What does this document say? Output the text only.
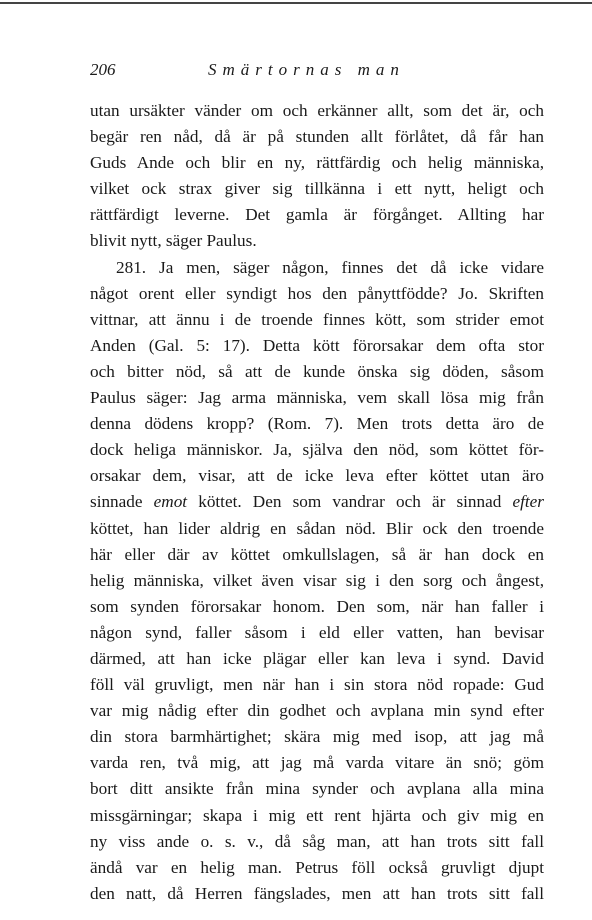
206	Smärtornas man
utan ursäkter vänder om och erkänner allt, som det är, och
begär ren nåd, då är på stunden allt förlåtet, då får han
Guds Ande och blir en ny, rättfärdig och helig människa,
vilket ock strax giver sig tillkänna i ett nytt, heligt och
rättfärdigt leverne. Det gamla är förgånget. Allting har
blivit nytt, säger Paulus.
281. Ja men, säger någon, finnes det då icke vidare
något orent eller syndigt hos den pånyttfödde? Jo. Skriften
vittnar, att ännu i de troende finnes kött, som strider emot
Anden (Gal. 5: 17). Detta kött förorsakar dem ofta stor
och bitter nöd, så att de kunde önska sig döden, såsom
Paulus säger: Jag arma människa, vem skall lösa mig från
denna dödens kropp? (Rom. 7). Men trots detta äro de
dock heliga människor. Ja, själva den nöd, som köttet för-
orsakar dem, visar, att de icke leva efter köttet utan äro
sinnade emot köttet. Den som vandrar och är sinnad efter
köttet, han lider aldrig en sådan nöd. Blir ock den troende
här eller där av köttet omkullslagen, så är han dock en
helig människa, vilket även visar sig i den sorg och ångest,
som synden förorsakar honom. Den som, när han faller i
någon synd, faller såsom i eld eller vatten, han bevisar
därmed, att han icke plägar eller kan leva i synd. David
föll väl gruvligt, men när han i sin stora nöd ropade: Gud
var mig nådig efter din godhet och avplana min synd efter
din stora barmhärtighet; skära mig med isop, att jag må
varda ren, två mig, att jag må varda vitare än snö; göm
bort ditt ansikte från mina synder och avplana alla mina
missgärningar; skapa i mig ett rent hjärta och giv mig en
ny viss ande o. s. v., då såg man, att han trots sitt fall
ändå var en helig man. Petrus föll också gruvligt djupt
den natt, då Herren fängslades, men att han trots sitt fall
